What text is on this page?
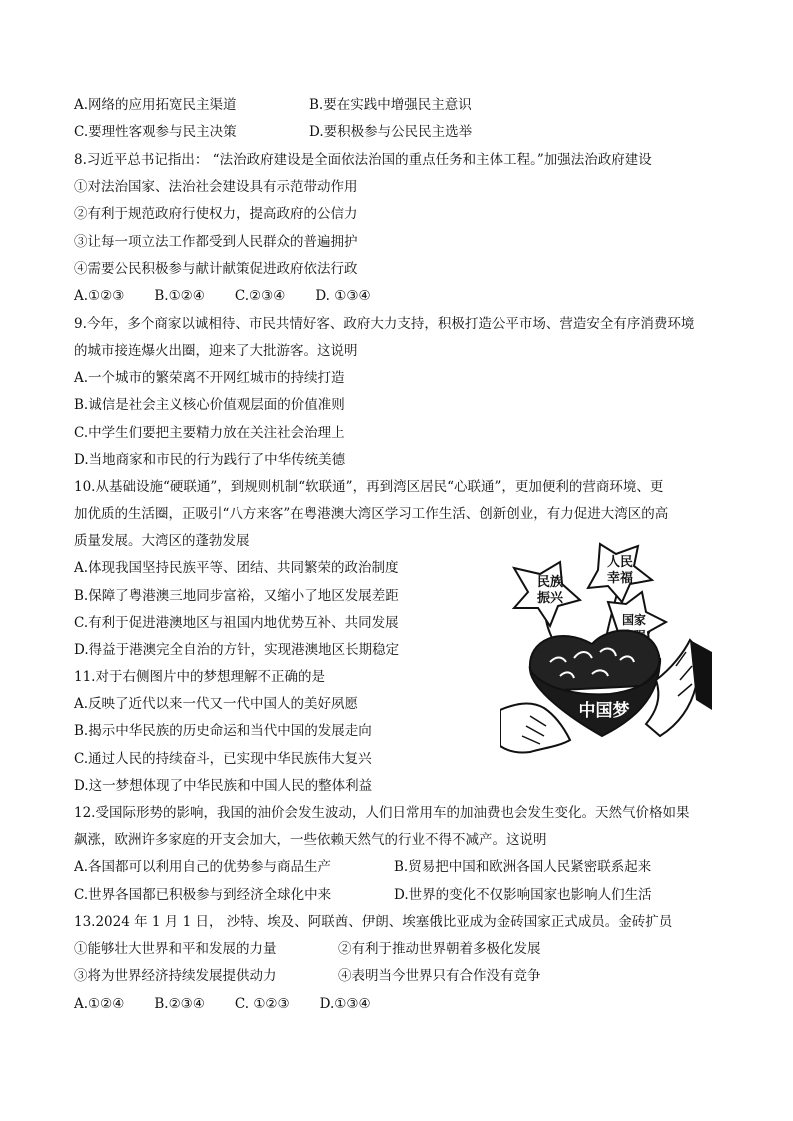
A.网络的应用拓宽民主渠道	B.要在实践中增强民主意识
C.要理性客观参与民主决策	D.要积极参与公民民主选举
8.习近平总书记指出： “法治政府建设是全面依法治国的重点任务和主体工程。”加强法治政府建设
①对法治国家、法治社会建设具有示范带动作用
②有利于规范政府行使权力，提高政府的公信力
③让每一项立法工作都受到人民群众的普遍拥护
④需要公民积极参与献计献策促进政府依法行政
A.①②③ B.①②④ C.②③④ D. ①③④
9.今年，多个商家以诚相待、市民共情好客、政府大力支持，积极打造公平市场、营造安全有序消费环境
的城市接连爆火出圈，迎来了大批游客。这说明
A.一个城市的繁荣离不开网红城市的持续打造
B.诚信是社会主义核心价值观层面的价值准则
C.中学生们要把主要精力放在关注社会治理上
D.当地商家和市民的行为践行了中华传统美德
10.从基础设施“硬联通”，到规则机制“软联通”，再到湾区居民“心联通”，更加便利的营商环境、更
加优质的生活圈，正吸引“八方来客”在粤港澳大湾区学习工作生活、创新创业，有力促进大湾区的高
质量发展。大湾区的蓬勃发展
A.体现我国坚持民族平等、团结、共同繁荣的政治制度
B.保障了粤港澳三地同步富裕，又缩小了地区发展差距
C.有利于促进港澳地区与祖国内地优势互补、共同发展
D.得益于港澳完全自治的方针，实现港澳地区长期稳定
11.对于右侧图片中的梦想理解不正确的是
A.反映了近代以来一代又一代中国人的美好夙愿
B.揭示中华民族的历史命运和当代中国的发展走向
C.通过人民的持续奋斗，已实现中华民族伟大复兴
D.这一梦想体现了中华民族和中国人民的整体利益
12.受国际形势的影响，我国的油价会发生波动，人们日常用车的加油费也会发生变化。天然气价格如果
飙涨，欧洲许多家庭的开支会加大，一些依赖天然气的行业不得不减产。这说明
A.各国都可以利用自己的优势参与商品生产	B.贸易把中国和欧洲各国人民紧密联系起来
C.世界各国都已积极参与到经济全球化中来	D.世界的变化不仅影响国家也影响人们生活
13.2024 年 1 月 1 日， 沙特、埃及、阿联酋、伊朗、埃塞俄比亚成为金砖国家正式成员。金砖扩员
①能够壮大世界和平和发展的力量	②有利于推动世界朝着多极化发展
③将为世界经济持续发展提供动力	④表明当今世界只有合作没有竞争
A.①②④ B.②③④ C. ①②③ D.①③④
民族
振兴
人民
幸福
国家
中国梦
